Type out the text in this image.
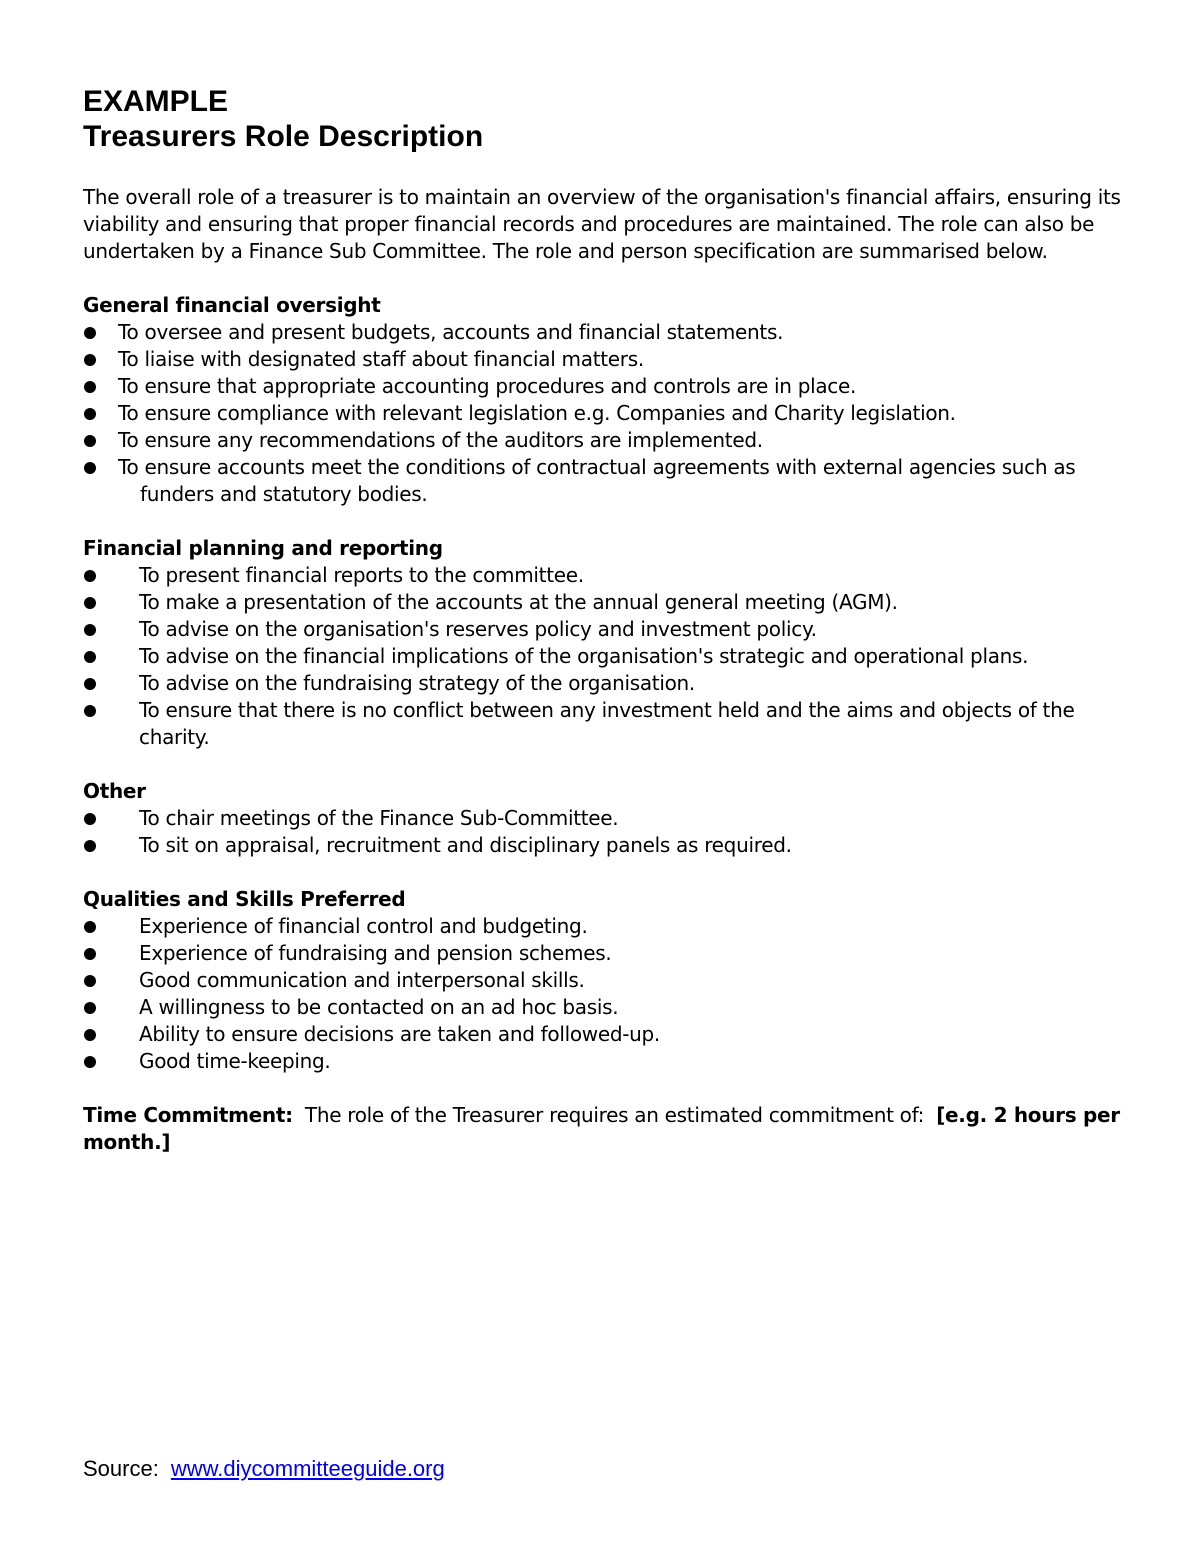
EXAMPLE
Treasurers Role Description

The overall role of a treasurer is to maintain an overview of the organisation's financial affairs, ensuring its viability and ensuring that proper financial records and procedures are maintained. The role can also be undertaken by a Finance Sub Committee. The role and person specification are summarised below.

General financial oversight

To oversee and present budgets, accounts and financial statements.
To liaise with designated staff about financial matters.
To ensure that appropriate accounting procedures and controls are in place.
To ensure compliance with relevant legislation e.g. Companies and Charity legislation.
To ensure any recommendations of the auditors are implemented.
To ensure accounts meet the conditions of contractual agreements with external agencies such as funders and statutory bodies.

Financial planning and reporting

To present financial reports to the committee.
To make a presentation of the accounts at the annual general meeting (AGM).
To advise on the organisation's reserves policy and investment policy.
To advise on the financial implications of the organisation's strategic and operational plans.
To advise on the fundraising strategy of the organisation.
To ensure that there is no conflict between any investment held and the aims and objects of the charity.

Other

To chair meetings of the Finance Sub-Committee.
To sit on appraisal, recruitment and disciplinary panels as required.

Qualities and Skills Preferred

Experience of financial control and budgeting.
Experience of fundraising and pension schemes.
Good communication and interpersonal skills.
A willingness to be contacted on an ad hoc basis.
Ability to ensure decisions are taken and followed-up.
Good time-keeping.

Time Commitment:  The role of the Treasurer requires an estimated commitment of:  [e.g. 2 hours per month.]

Source: www.diycommitteeguide.org
